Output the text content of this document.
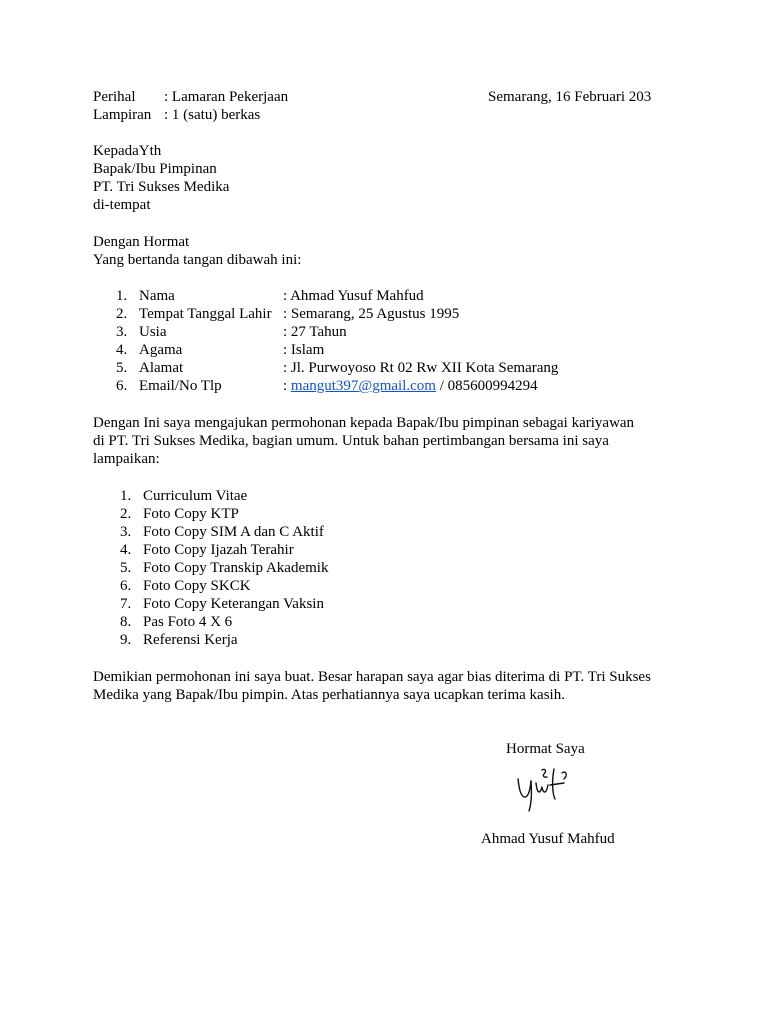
Perihal : Lamaran Pekerjaan	Semarang, 16 Februari 203
Lampiran : 1 (satu) berkas
KepadaYth
Bapak/Ibu Pimpinan
PT. Tri Sukses Medika
di-tempat
Dengan Hormat
Yang bertanda tangan dibawah ini:
1. Nama	: Ahmad Yusuf Mahfud
2. Tempat Tanggal Lahir : Semarang, 25 Agustus 1995
3. Usia	: 27 Tahun
4. Agama	: Islam
5. Alamat	: Jl. Purwoyoso Rt 02 Rw XII Kota Semarang
6. Email/No Tlp	: mangut397@gmail.com / 085600994294
Dengan Ini saya mengajukan permohonan kepada Bapak/Ibu pimpinan sebagai kariyawan
di PT. Tri Sukses Medika, bagian umum. Untuk bahan pertimbangan bersama ini saya
lampaikan:
1. Curriculum Vitae
2. Foto Copy KTP
3. Foto Copy SIM A dan C Aktif
4. Foto Copy Ijazah Terahir
5. Foto Copy Transkip Akademik
6. Foto Copy SKCK
7. Foto Copy Keterangan Vaksin
8. Pas Foto 4 X 6
9. Referensi Kerja
Demikian permohonan ini saya buat. Besar harapan saya agar bias diterima di PT. Tri Sukses
Medika yang Bapak/Ibu pimpin. Atas perhatiannya saya ucapkan terima kasih.
Hormat Saya
Ahmad Yusuf Mahfud
